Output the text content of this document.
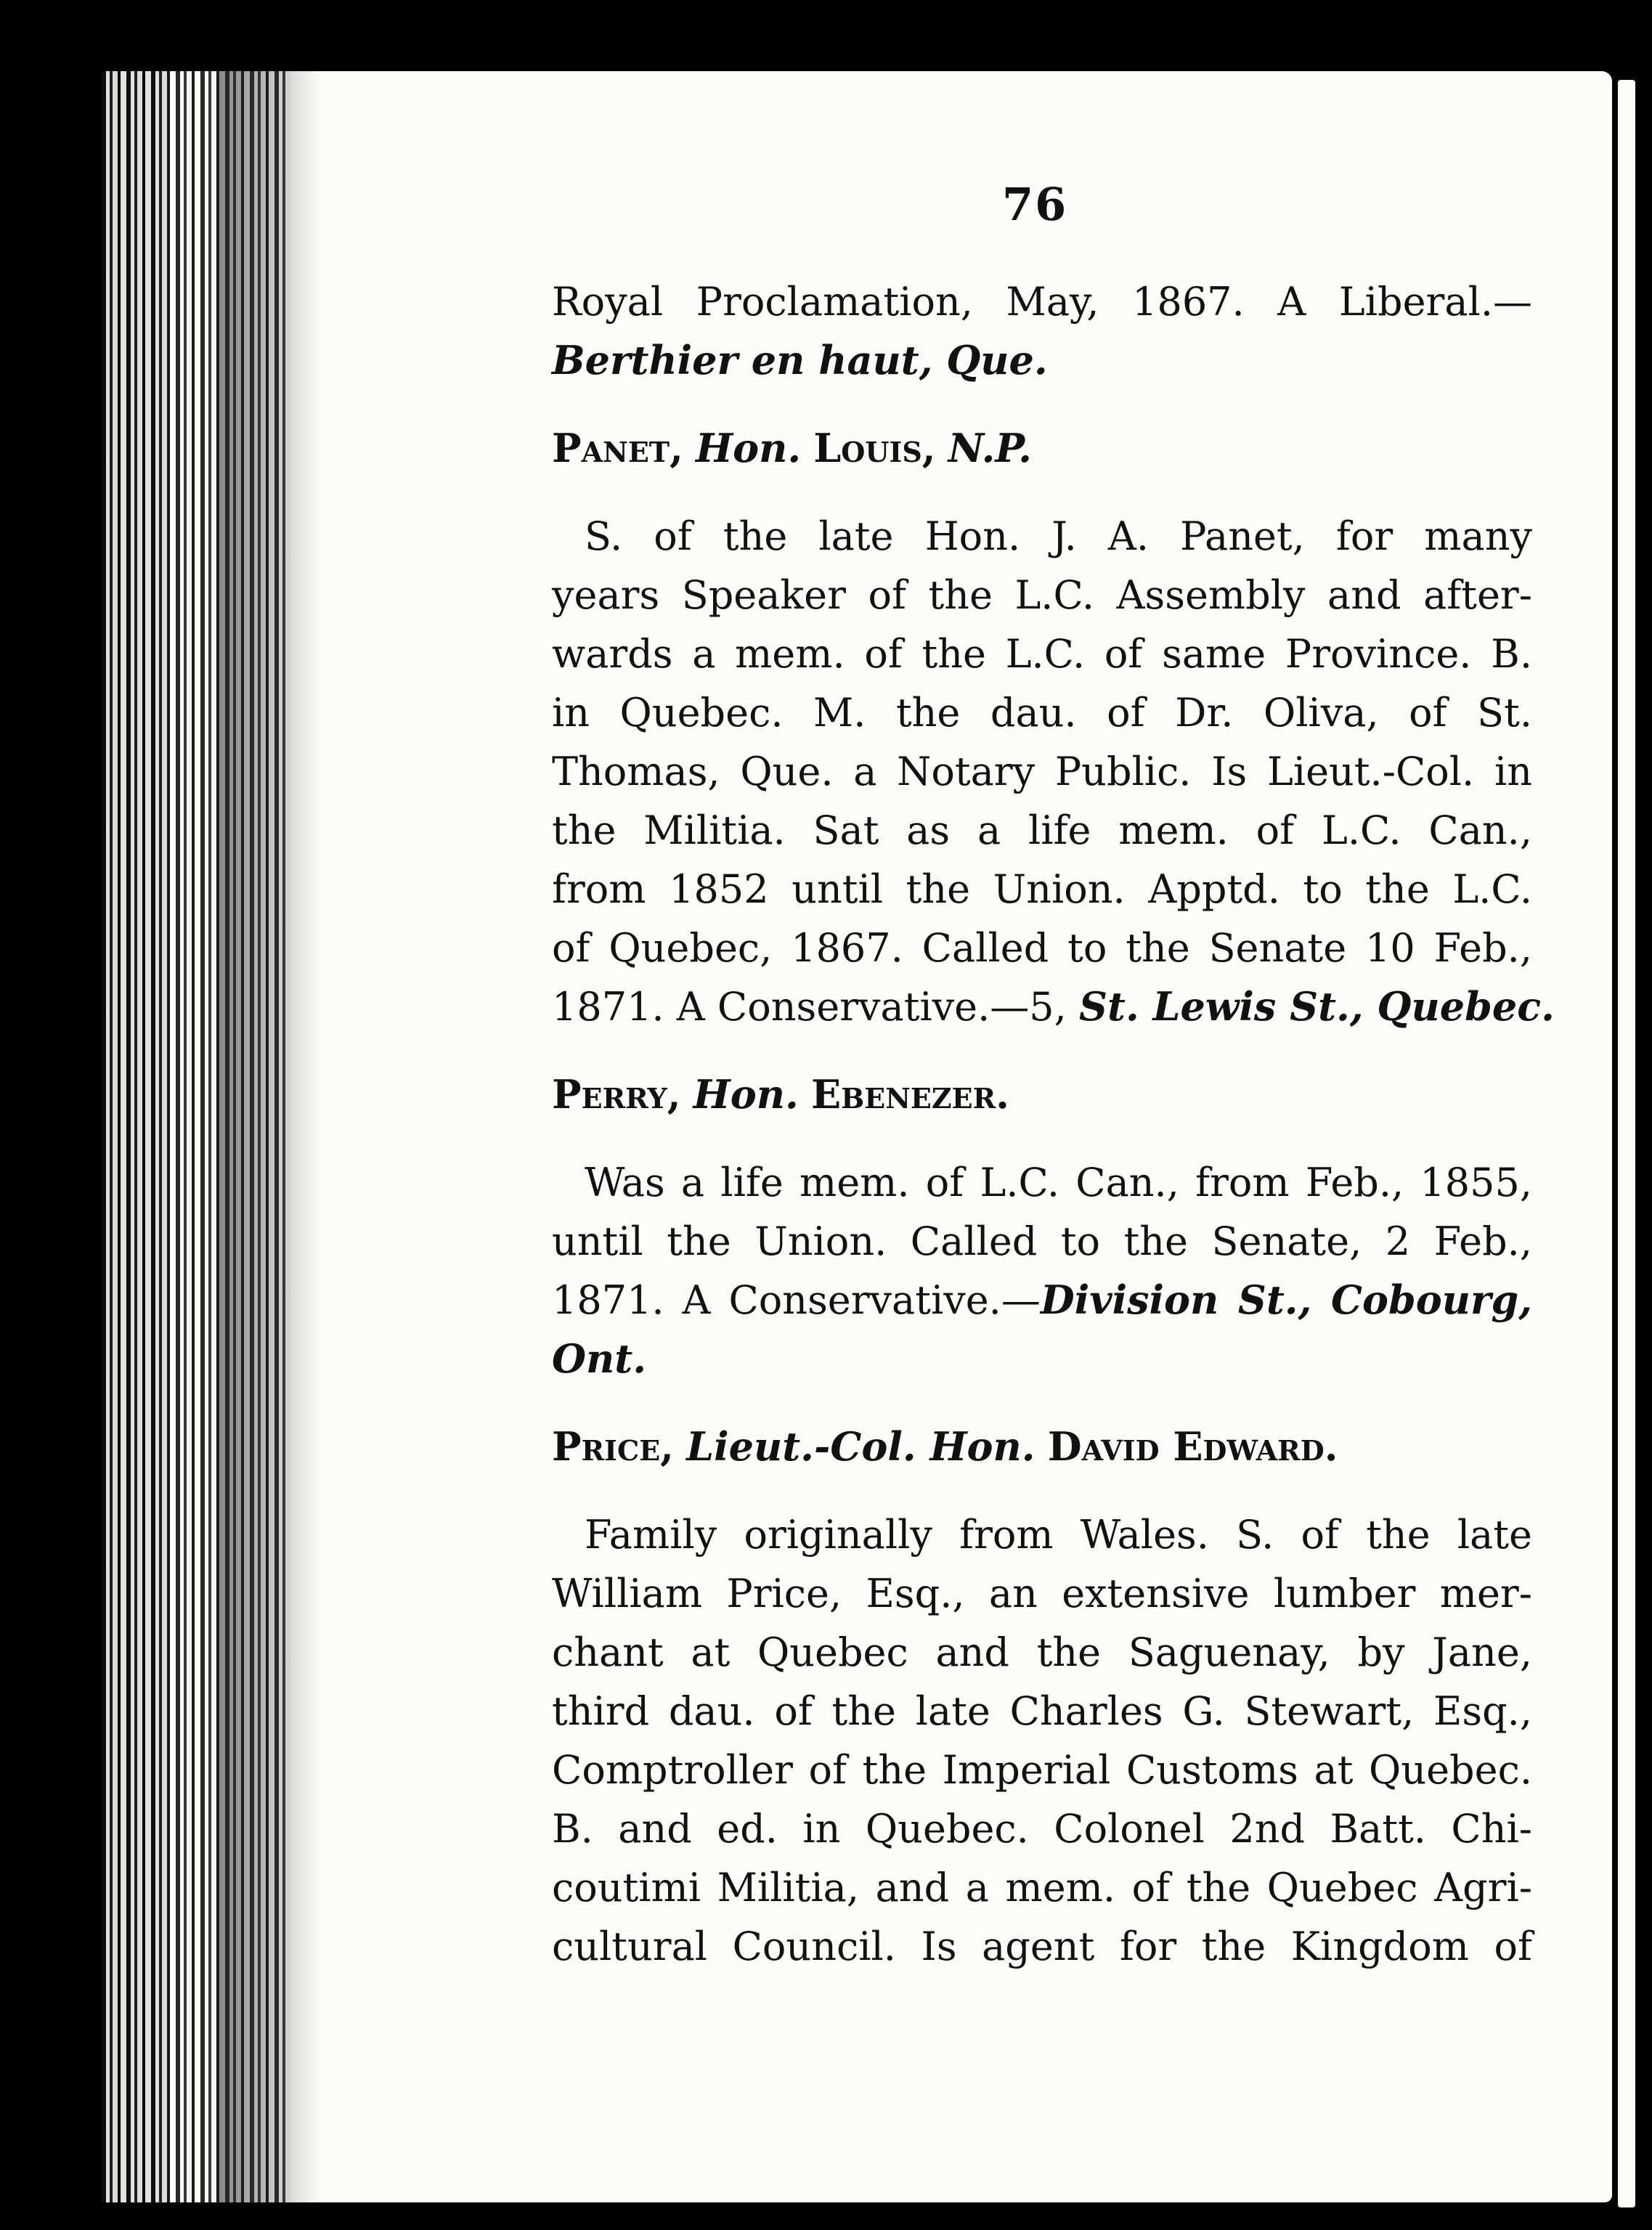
76
Royal Proclamation, May, 1867. A Liberal.—
Berthier en haut, Que.
Panet, Hon. Louis, N.P.
S. of the late Hon. J. A. Panet, for many
years Speaker of the L.C. Assembly and after-
wards a mem. of the L.C. of same Province. B.
in Quebec. M. the dau. of Dr. Oliva, of St.
Thomas, Que. a Notary Public. Is Lieut.-Col. in
the Militia. Sat as a life mem. of L.C. Can.,
from 1852 until the Union. Apptd. to the L.C.
of Quebec, 1867. Called to the Senate 10 Feb.,
1871. A Conservative.—5, St. Lewis St., Quebec.
Perry, Hon. Ebenezer.
Was a life mem. of L.C. Can., from Feb., 1855,
until the Union. Called to the Senate, 2 Feb.,
1871. A Conservative.—Division St., Cobourg,
Ont.
Price, Lieut.-Col. Hon. David Edward.
Family originally from Wales. S. of the late
William Price, Esq., an extensive lumber mer-
chant at Quebec and the Saguenay, by Jane,
third dau. of the late Charles G. Stewart, Esq.,
Comptroller of the Imperial Customs at Quebec.
B. and ed. in Quebec. Colonel 2nd Batt. Chi-
coutimi Militia, and a mem. of the Quebec Agri-
cultural Council. Is agent for the Kingdom of
